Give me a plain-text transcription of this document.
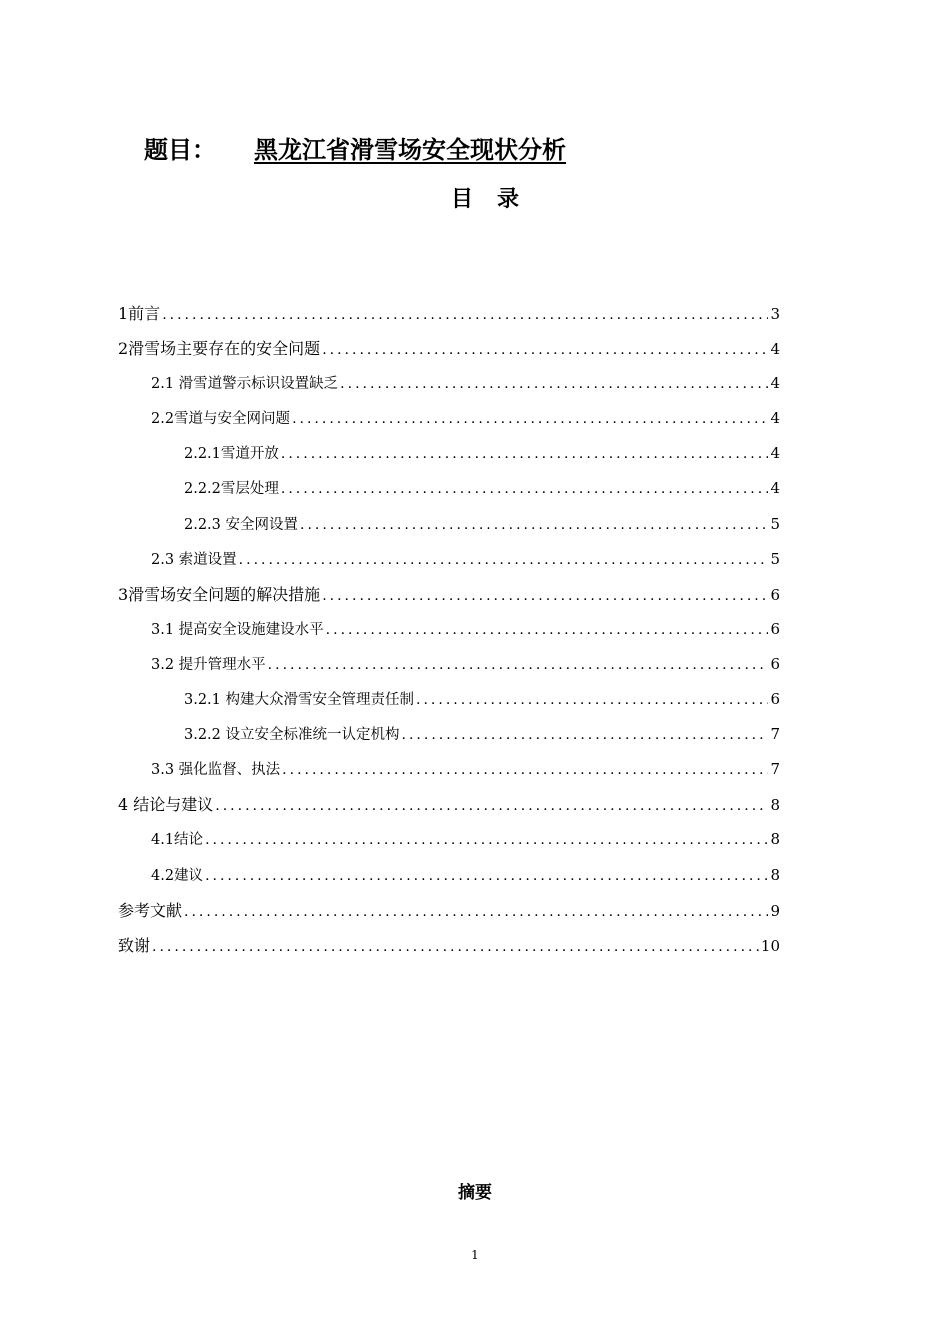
题目： 黑龙江省滑雪场安全现状分析
目录
1前言 .....	3
2滑雪场主要存在的安全问题 .....	4
2.1 滑雪道警示标识设置缺乏 .....	4
2.2雪道与安全网问题 .....	4
2.2.1雪道开放 .....	4
2.2.2雪层处理 .....	4
2.2.3 安全网设置 .....	5
2.3 索道设置 .....	5
3滑雪场安全问题的解决措施 .....	6
3.1 提高安全设施建设水平 .....	6
3.2 提升管理水平 .....	6
3.2.1 构建大众滑雪安全管理责任制 .....	6
3.2.2 设立安全标准统一认定机构 .....	7
3.3 强化监督、执法 .....	7
4 结论与建议 .....	8
4.1结论 .....	8
4.2建议 .....	8
参考文献 .....	9
致谢 .....	10
摘要
1
